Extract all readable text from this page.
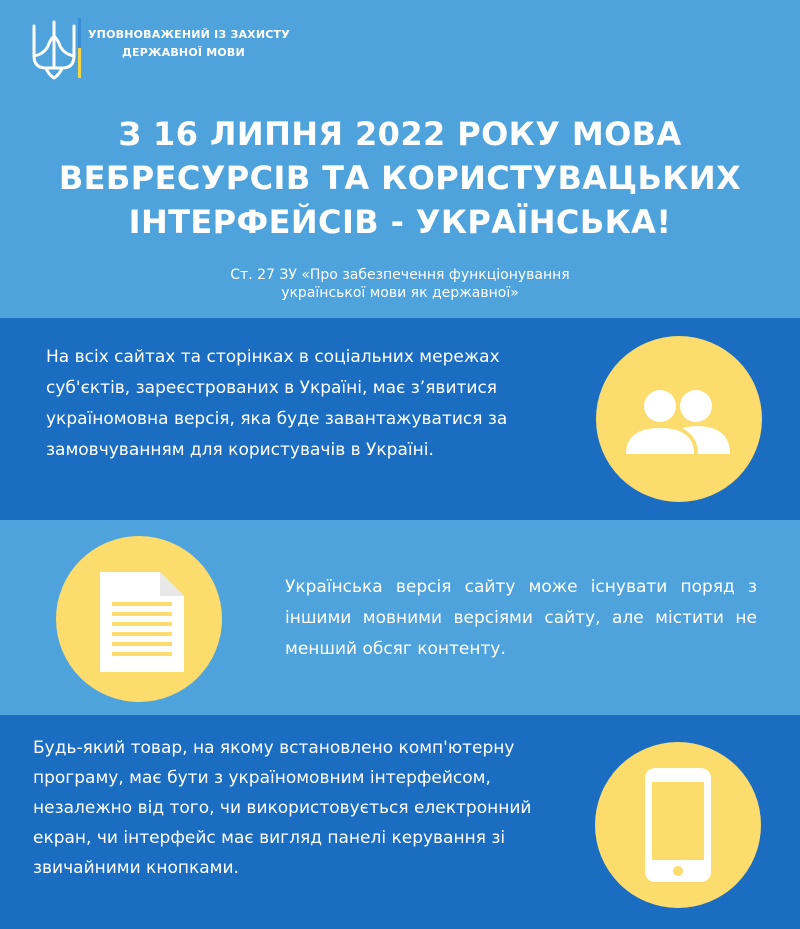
УПОВНОВАЖЕНИЙ ІЗ ЗАХИСТУ
ДЕРЖАВНОЇ МОВИ
З 16 ЛИПНЯ 2022 РОКУ МОВА
ВЕБРЕСУРСІВ ТА КОРИСТУВАЦЬКИХ
ІНТЕРФЕЙСІВ - УКРАЇНСЬКА!
Ст. 27 ЗУ «Про забезпечення функціонування
української мови як державної»
На всіх сайтах та сторінках в соціальних мережах суб'єктів, зареєстрованих в Україні, має з’явитися україномовна версія, яка буде завантажуватися за замовчуванням для користувачів в Україні.
Українська версія сайту може існувати поряд з іншими мовними версіями сайту, але містити не менший обсяг контенту.
Будь-який товар, на якому встановлено комп'ютерну програму, має бути з україномовним інтерфейсом, незалежно від того, чи використовується електронний екран, чи інтерфейс має вигляд панелі керування зі звичайними кнопками.
